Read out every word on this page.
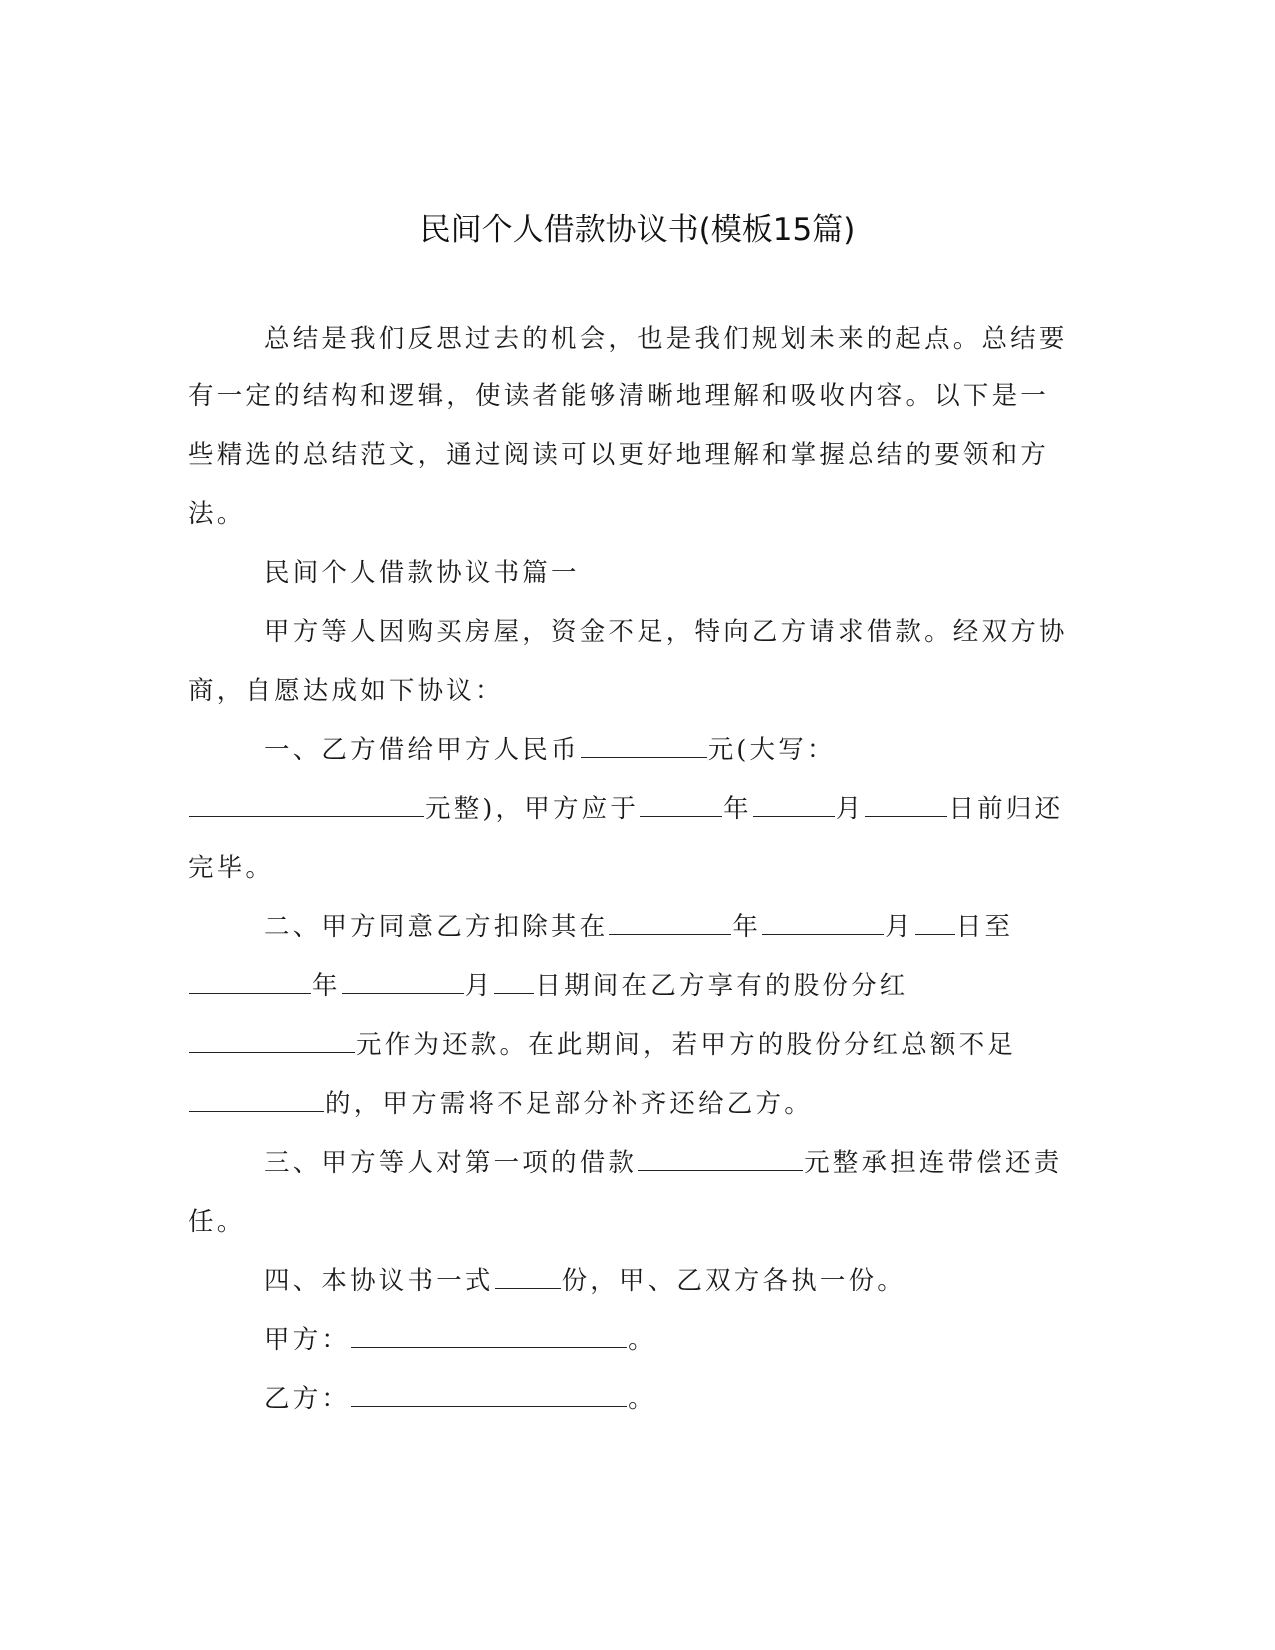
民间个人借款协议书(模板15篇)
总结是我们反思过去的机会，也是我们规划未来的起点。总结要
有一定的结构和逻辑，使读者能够清晰地理解和吸收内容。以下是一
些精选的总结范文，通过阅读可以更好地理解和掌握总结的要领和方
法。
民间个人借款协议书篇一
甲方等人因购买房屋，资金不足，特向乙方请求借款。经双方协
商，自愿达成如下协议：
一、乙方借给甲方人民币	元(大写：
元整)，甲方应于	年	月	日前归还
完毕。
二、甲方同意乙方扣除其在	年	月 日至
年	月 日期间在乙方享有的股份分红
元作为还款。在此期间，若甲方的股份分红总额不足
的，甲方需将不足部分补齐还给乙方。
三、甲方等人对第一项的借款	元整承担连带偿还责
任。
四、本协议书一式	份，甲、乙双方各执一份。
甲方：	。
乙方：	。
